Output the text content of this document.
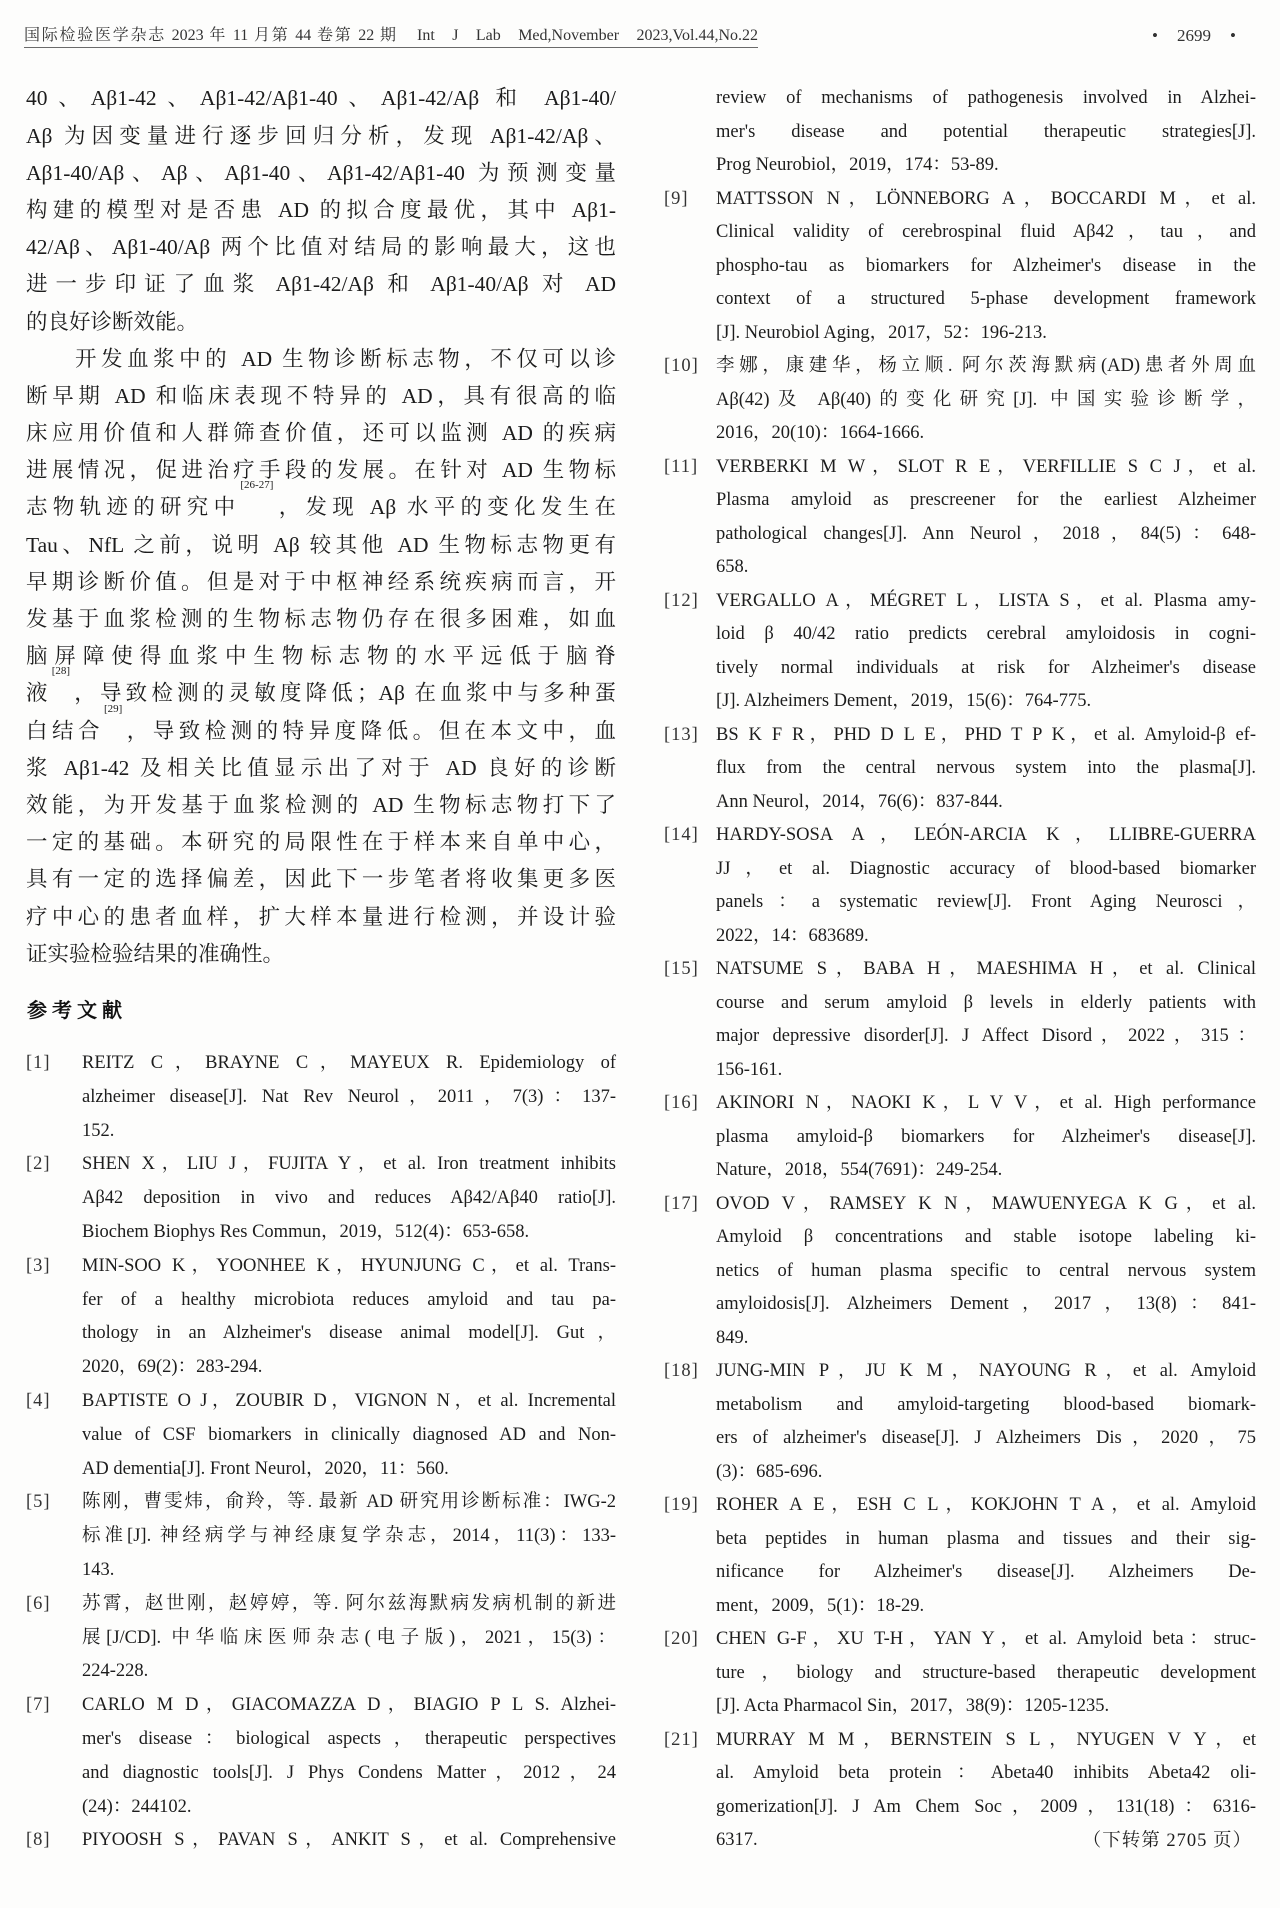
国际检验医学杂志 2023 年 11 月第 44 卷第 22 期 Int J Lab Med,November 2023,Vol.44,No.22	• 2699 •
40、Aβ1-42、Aβ1-42/Aβ1-40、Aβ1-42/Aβ 和 Aβ1-40/
Aβ 为因变量进行逐步回归分析，发现 Aβ1-42/Aβ、
Aβ1-40/Aβ、Aβ、Aβ1-40、Aβ1-42/Aβ1-40 为预测变量
构建的模型对是否患 AD 的拟合度最优，其中 Aβ1-
42/Aβ、Aβ1-40/Aβ 两个比值对结局的影响最大，这也
进一步印证了血浆 Aβ1-42/Aβ 和 Aβ1-40/Aβ 对 AD
的良好诊断效能。
开发血浆中的 AD 生物诊断标志物，不仅可以诊
断早期 AD 和临床表现不特异的 AD，具有很高的临
床应用价值和人群筛查价值，还可以监测 AD 的疾病
进展情况，促进治疗手段的发展。在针对 AD 生物标
志物轨迹的研究中[26-27]，发现 Aβ 水平的变化发生在
Tau、NfL 之前，说明 Aβ 较其他 AD 生物标志物更有
早期诊断价值。但是对于中枢神经系统疾病而言，开
发基于血浆检测的生物标志物仍存在很多困难，如血
脑屏障使得血浆中生物标志物的水平远低于脑脊
液[28]，导致检测的灵敏度降低；Aβ 在血浆中与多种蛋
白结合[29]，导致检测的特异度降低。但在本文中，血
浆 Aβ1-42 及相关比值显示出了对于 AD 良好的诊断
效能，为开发基于血浆检测的 AD 生物标志物打下了
一定的基础。本研究的局限性在于样本来自单中心，
具有一定的选择偏差，因此下一步笔者将收集更多医
疗中心的患者血样，扩大样本量进行检测，并设计验
证实验检验结果的准确性。
参考文献
[1] REITZ C，BRAYNE C，MAYEUX R. Epidemiology of
alzheimer disease[J]. Nat Rev Neurol，2011，7(3)：137-
152.
[2] SHEN X，LIU J，FUJITA Y，et al. Iron treatment inhibits
Aβ42 deposition in vivo and reduces Aβ42/Aβ40 ratio[J].
Biochem Biophys Res Commun，2019，512(4)：653-658.
[3] MIN-SOO K，YOONHEE K，HYUNJUNG C，et al. Trans-
fer of a healthy microbiota reduces amyloid and tau pa-
thology in an Alzheimer's disease animal model[J]. Gut，
2020，69(2)：283-294.
[4] BAPTISTE O J，ZOUBIR D，VIGNON N，et al. Incremental
value of CSF biomarkers in clinically diagnosed AD and Non-
AD dementia[J]. Front Neurol，2020，11：560.
[5] 陈刚，曹雯炜，俞羚，等. 最新 AD 研究用诊断标准：IWG-2
标准[J]. 神经病学与神经康复学杂志，2014，11(3)：133-
143.
[6] 苏霄，赵世刚，赵婷婷，等. 阿尔兹海默病发病机制的新进
展[J/CD]. 中华临床医师杂志(电子版)，2021，15(3)：
224-228.
[7] CARLO M D，GIACOMAZZA D，BIAGIO P L S. Alzhei-
mer's disease：biological aspects，therapeutic perspectives
and diagnostic tools[J]. J Phys Condens Matter，2012，24
(24)：244102.
[8] PIYOOSH S，PAVAN S，ANKIT S，et al. Comprehensive
review of mechanisms of pathogenesis involved in Alzhei-
mer's disease and potential therapeutic strategies[J].
Prog Neurobiol，2019，174：53-89.
[9] MATTSSON N，LÖNNEBORG A，BOCCARDI M，et al.
Clinical validity of cerebrospinal fluid Aβ42，tau，and
phospho-tau as biomarkers for Alzheimer's disease in the
context of a structured 5-phase development framework
[J]. Neurobiol Aging，2017，52：196-213.
[10] 李娜，康建华，杨立顺. 阿尔茨海默病(AD)患者外周血
Aβ(42)及 Aβ(40)的变化研究[J]. 中国实验诊断学，
2016，20(10)：1664-1666.
[11] VERBERKI M W，SLOT R E，VERFILLIE S C J，et al.
Plasma amyloid as prescreener for the earliest Alzheimer
pathological changes[J]. Ann Neurol，2018，84(5)：648-
658.
[12] VERGALLO A，MÉGRET L，LISTA S，et al. Plasma amy-
loid β 40/42 ratio predicts cerebral amyloidosis in cogni-
tively normal individuals at risk for Alzheimer's disease
[J]. Alzheimers Dement，2019，15(6)：764-775.
[13] BS K F R，PHD D L E，PHD T P K，et al. Amyloid-β ef-
flux from the central nervous system into the plasma[J].
Ann Neurol，2014，76(6)：837-844.
[14] HARDY-SOSA A，LEÓN-ARCIA K，LLIBRE-GUERRA
JJ，et al. Diagnostic accuracy of blood-based biomarker
panels：a systematic review[J]. Front Aging Neurosci，
2022，14：683689.
[15] NATSUME S，BABA H，MAESHIMA H，et al. Clinical
course and serum amyloid β levels in elderly patients with
major depressive disorder[J]. J Affect Disord，2022，315：
156-161.
[16] AKINORI N，NAOKI K，L V V，et al. High performance
plasma amyloid-β biomarkers for Alzheimer's disease[J].
Nature，2018，554(7691)：249-254.
[17] OVOD V，RAMSEY K N，MAWUENYEGA K G，et al.
Amyloid β concentrations and stable isotope labeling ki-
netics of human plasma specific to central nervous system
amyloidosis[J]. Alzheimers Dement，2017，13(8)：841-
849.
[18] JUNG-MIN P，JU K M，NAYOUNG R，et al. Amyloid
metabolism and amyloid-targeting blood-based biomark-
ers of alzheimer's disease[J]. J Alzheimers Dis，2020，75
(3)：685-696.
[19] ROHER A E，ESH C L，KOKJOHN T A，et al. Amyloid
beta peptides in human plasma and tissues and their sig-
nificance for Alzheimer's disease[J]. Alzheimers De-
ment，2009，5(1)：18-29.
[20] CHEN G-F，XU T-H，YAN Y，et al. Amyloid beta：struc-
ture，biology and structure-based therapeutic development
[J]. Acta Pharmacol Sin，2017，38(9)：1205-1235.
[21] MURRAY M M，BERNSTEIN S L，NYUGEN V Y，et
al. Amyloid beta protein：Abeta40 inhibits Abeta42 oli-
gomerization[J]. J Am Chem Soc，2009，131(18)：6316-
6317.	（下转第 2705 页）
